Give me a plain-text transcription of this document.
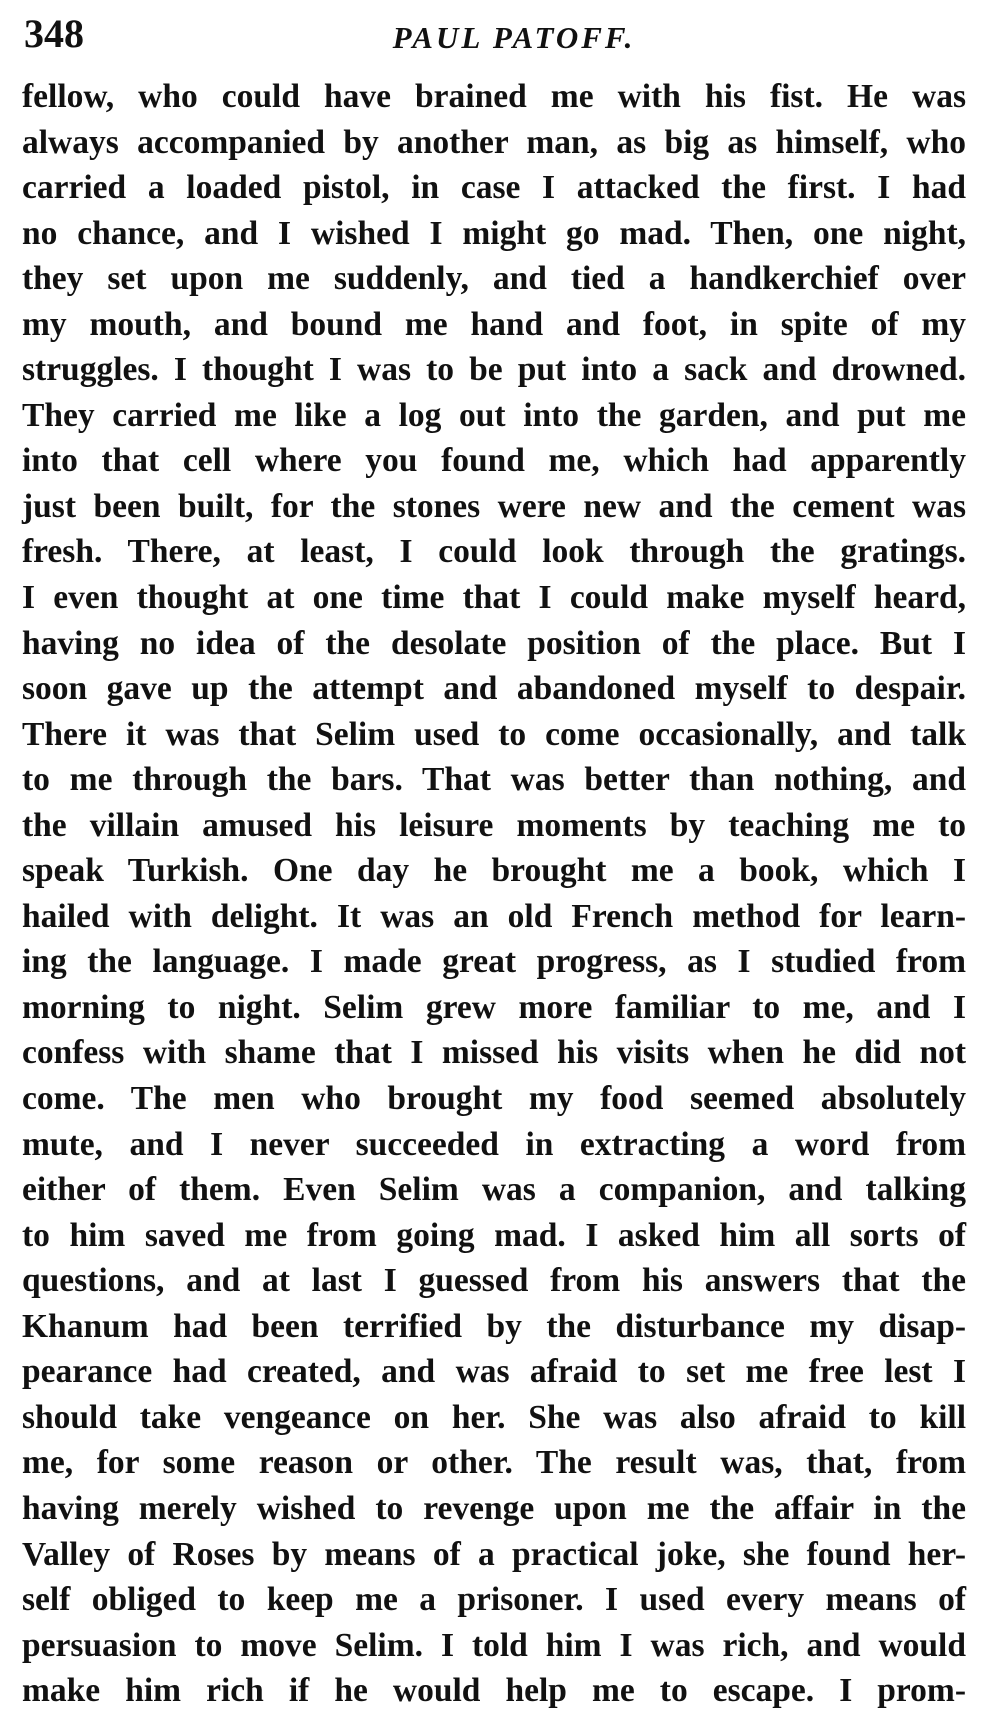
348	PAUL PATOFF.
fellow, who could have brained me with his fist. He was
always accompanied by another man, as big as himself, who
carried a loaded pistol, in case I attacked the first. I had
no chance, and I wished I might go mad. Then, one night,
they set upon me suddenly, and tied a handkerchief over
my mouth, and bound me hand and foot, in spite of my
struggles. I thought I was to be put into a sack and drowned.
They carried me like a log out into the garden, and put me
into that cell where you found me, which had apparently
just been built, for the stones were new and the cement was
fresh. There, at least, I could look through the gratings.
I even thought at one time that I could make myself heard,
having no idea of the desolate position of the place. But I
soon gave up the attempt and abandoned myself to despair.
There it was that Selim used to come occasionally, and talk
to me through the bars. That was better than nothing, and
the villain amused his leisure moments by teaching me to
speak Turkish. One day he brought me a book, which I
hailed with delight. It was an old French method for learn-
ing the language. I made great progress, as I studied from
morning to night. Selim grew more familiar to me, and I
confess with shame that I missed his visits when he did not
come. The men who brought my food seemed absolutely
mute, and I never succeeded in extracting a word from
either of them. Even Selim was a companion, and talking
to him saved me from going mad. I asked him all sorts of
questions, and at last I guessed from his answers that the
Khanum had been terrified by the disturbance my disap-
pearance had created, and was afraid to set me free lest I
should take vengeance on her. She was also afraid to kill
me, for some reason or other. The result was, that, from
having merely wished to revenge upon me the affair in the
Valley of Roses by means of a practical joke, she found her-
self obliged to keep me a prisoner. I used every means of
persuasion to move Selim. I told him I was rich, and would
make him rich if he would help me to escape. I prom-
